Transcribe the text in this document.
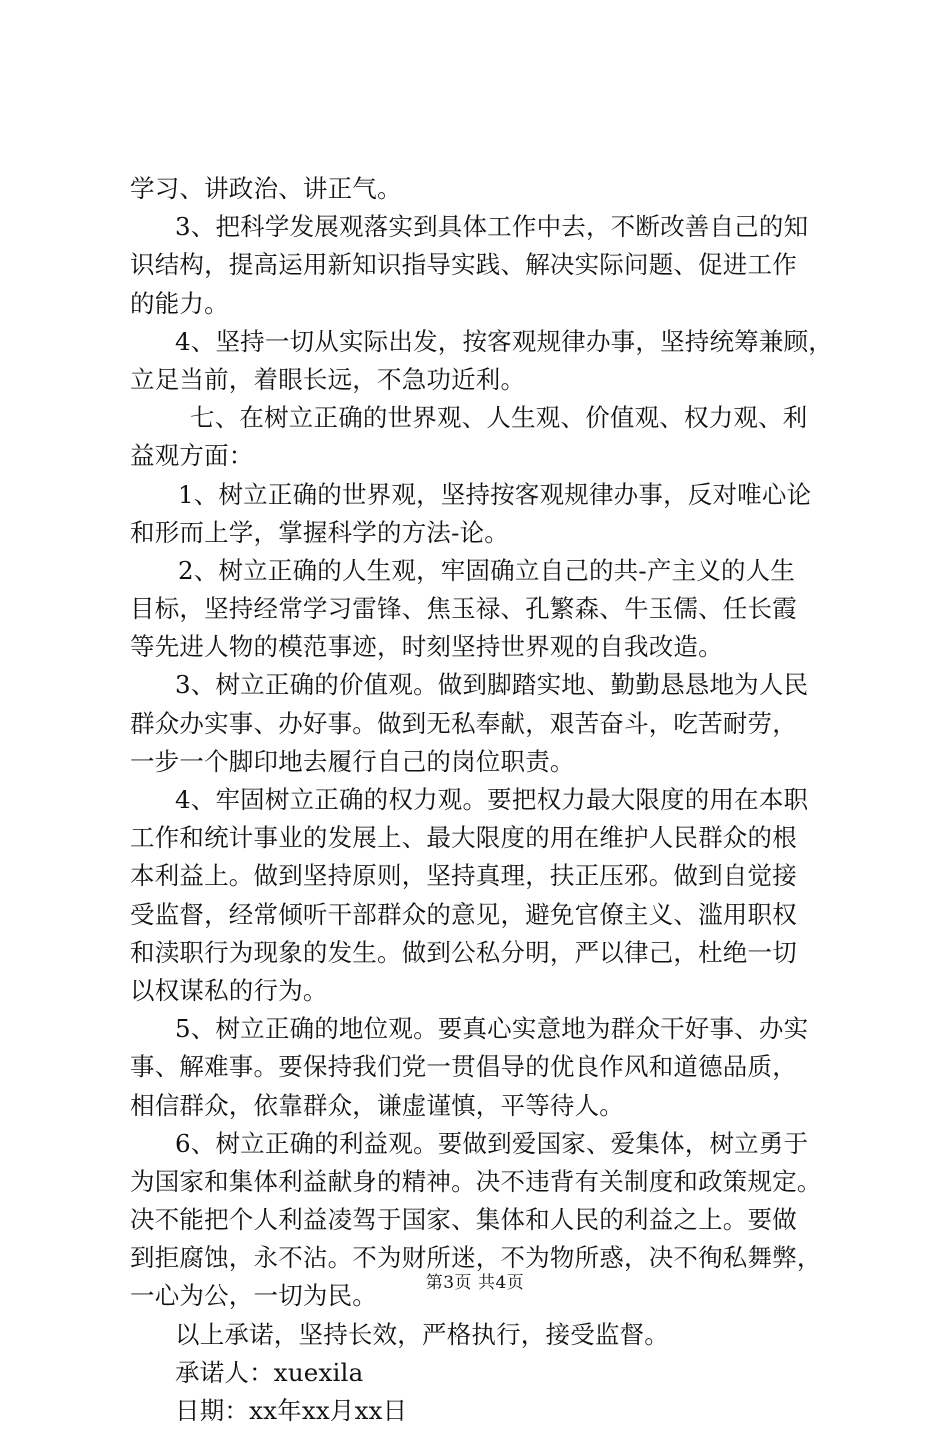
学习、讲政治、讲正气。
3、把科学发展观落实到具体工作中去，不断改善自己的知
识结构，提高运用新知识指导实践、解决实际问题、促进工作
的能力。
4、坚持一切从实际出发，按客观规律办事，坚持统筹兼顾，
立足当前，着眼长远，不急功近利。
七、在树立正确的世界观、人生观、价值观、权力观、利
益观方面：
1、树立正确的世界观，坚持按客观规律办事，反对唯心论
和形而上学，掌握科学的方法-论。
2、树立正确的人生观，牢固确立自己的共-产主义的人生
目标，坚持经常学习雷锋、焦玉禄、孔繁森、牛玉儒、任长霞
等先进人物的模范事迹，时刻坚持世界观的自我改造。
3、树立正确的价值观。做到脚踏实地、勤勤恳恳地为人民
群众办实事、办好事。做到无私奉献，艰苦奋斗，吃苦耐劳，
一步一个脚印地去履行自己的岗位职责。
4、牢固树立正确的权力观。要把权力最大限度的用在本职
工作和统计事业的发展上、最大限度的用在维护人民群众的根
本利益上。做到坚持原则，坚持真理，扶正压邪。做到自觉接
受监督，经常倾听干部群众的意见，避免官僚主义、滥用职权
和渎职行为现象的发生。做到公私分明，严以律己，杜绝一切
以权谋私的行为。
5、树立正确的地位观。要真心实意地为群众干好事、办实
事、解难事。要保持我们党一贯倡导的优良作风和道德品质，
相信群众，依靠群众，谦虚谨慎，平等待人。
6、树立正确的利益观。要做到爱国家、爱集体，树立勇于
为国家和集体利益献身的精神。决不违背有关制度和政策规定。
决不能把个人利益凌驾于国家、集体和人民的利益之上。要做
到拒腐蚀，永不沾。不为财所迷，不为物所惑，决不徇私舞弊，
一心为公，一切为民。
以上承诺，坚持长效，严格执行，接受监督。
承诺人：xuexila
日期：xx年xx月xx日
第3页 共4页
